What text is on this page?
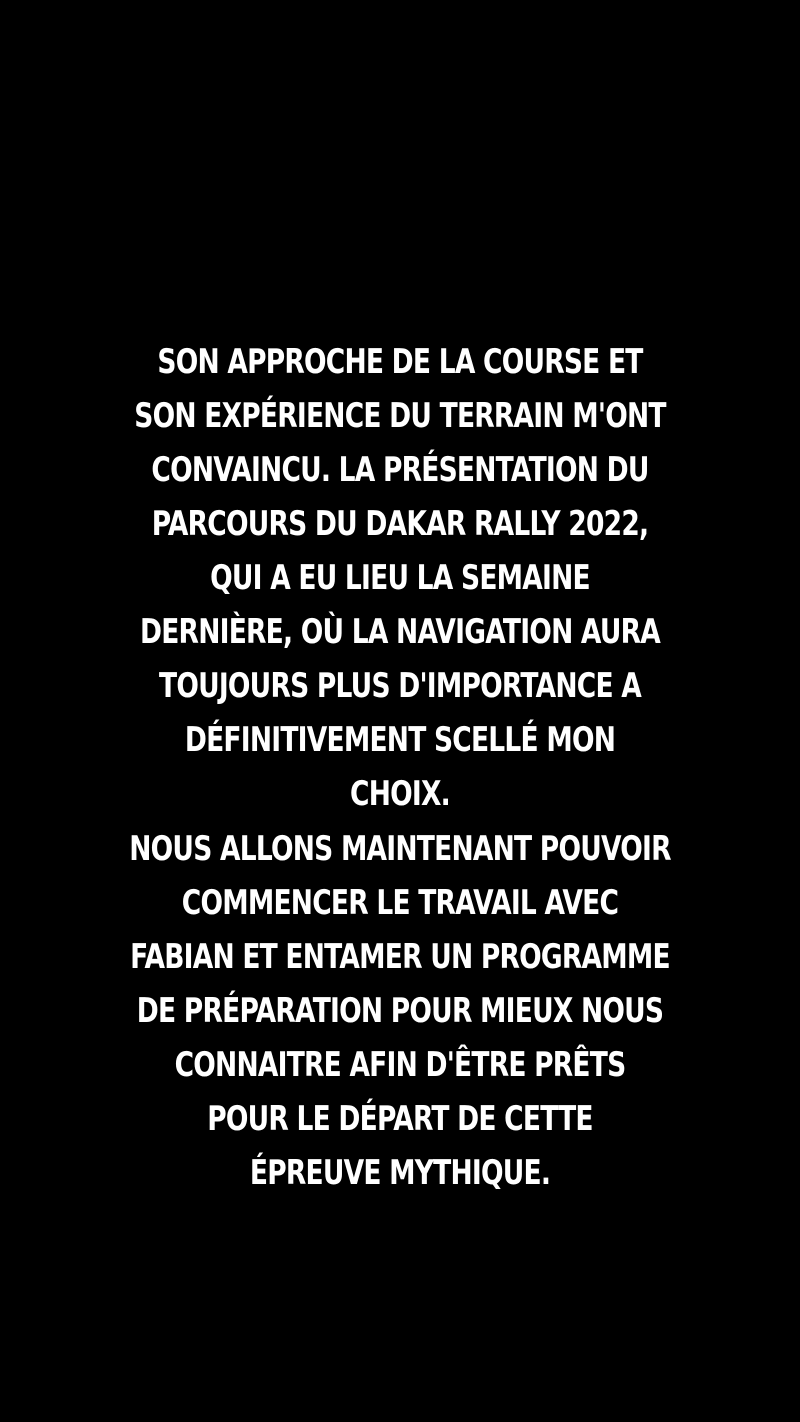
SON APPROCHE DE LA COURSE ET
SON EXPÉRIENCE DU TERRAIN M'ONT
CONVAINCU. LA PRÉSENTATION DU
PARCOURS DU DAKAR RALLY 2022,
QUI A EU LIEU LA SEMAINE
DERNIÈRE, OÙ LA NAVIGATION AURA
TOUJOURS PLUS D'IMPORTANCE A
DÉFINITIVEMENT SCELLÉ MON
CHOIX.
NOUS ALLONS MAINTENANT POUVOIR
COMMENCER LE TRAVAIL AVEC
FABIAN ET ENTAMER UN PROGRAMME
DE PRÉPARATION POUR MIEUX NOUS
CONNAITRE AFIN D'ÊTRE PRÊTS
POUR LE DÉPART DE CETTE
ÉPREUVE MYTHIQUE.
